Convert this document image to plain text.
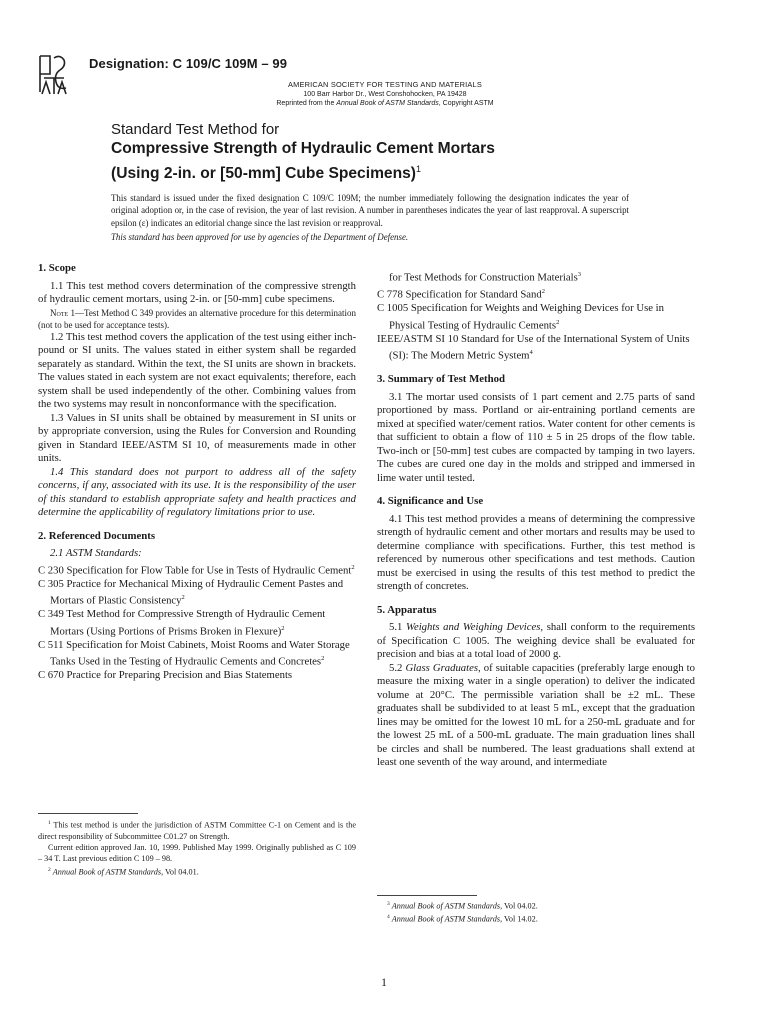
Designation: C 109/C 109M – 99
AMERICAN SOCIETY FOR TESTING AND MATERIALS
100 Barr Harbor Dr., West Conshohocken, PA 19428
Reprinted from the Annual Book of ASTM Standards, Copyright ASTM
Standard Test Method for
Compressive Strength of Hydraulic Cement Mortars
(Using 2-in. or [50-mm] Cube Specimens)$^1$

This standard is issued under the fixed designation C 109/C 109M; the number immediately following the designation indicates the year of original adoption or, in the case of revision, the year of last revision. A number in parentheses indicates the year of last reapproval. A superscript epsilon (ε) indicates an editorial change since the last revision or reapproval.

This standard has been approved for use by agencies of the Department of Defense.

1. Scope

1.1 This test method covers determination of the compressive strength of hydraulic cement mortars, using 2-in. or [50-mm] cube specimens.

Note 1—Test Method C 349 provides an alternative procedure for this determination (not to be used for acceptance tests).

1.2 This test method covers the application of the test using either inch-pound or SI units. The values stated in either system shall be regarded separately as standard. Within the text, the SI units are shown in brackets. The values stated in each system are not exact equivalents; therefore, each system shall be used independently of the other. Combining values from the two systems may result in nonconformance with the specification.

1.3 Values in SI units shall be obtained by measurement in SI units or by appropriate conversion, using the Rules for Conversion and Rounding given in Standard IEEE/ASTM SI 10, of measurements made in other units.

1.4 This standard does not purport to address all of the safety concerns, if any, associated with its use. It is the responsibility of the user of this standard to establish appropriate safety and health practices and determine the applicability of regulatory limitations prior to use.

2. Referenced Documents

2.1 ASTM Standards:

C 230 Specification for Flow Table for Use in Tests of Hydraulic Cement$^2$

C 305 Practice for Mechanical Mixing of Hydraulic Cement Pastes and Mortars of Plastic Consistency$^2$

C 349 Test Method for Compressive Strength of Hydraulic Cement Mortars (Using Portions of Prisms Broken in Flexure)$^2$

C 511 Specification for Moist Cabinets, Moist Rooms and Water Storage Tanks Used in the Testing of Hydraulic Cements and Concretes$^2$

C 670 Practice for Preparing Precision and Bias Statements

for Test Methods for Construction Materials$^3$

C 778 Specification for Standard Sand$^2$

C 1005 Specification for Weights and Weighing Devices for Use in Physical Testing of Hydraulic Cements$^2$

IEEE/ASTM SI 10 Standard for Use of the International System of Units (SI): The Modern Metric System$^4$

3. Summary of Test Method

3.1 The mortar used consists of 1 part cement and 2.75 parts of sand proportioned by mass. Portland or air-entraining portland cements are mixed at specified water/cement ratios. Water content for other cements is that sufficient to obtain a flow of 110 ± 5 in 25 drops of the flow table. Two-inch or [50-mm] test cubes are compacted by tamping in two layers. The cubes are cured one day in the molds and stripped and immersed in lime water until tested.

4. Significance and Use

4.1 This test method provides a means of determining the compressive strength of hydraulic cement and other mortars and results may be used to determine compliance with specifications. Further, this test method is referenced by numerous other specifications and test methods. Caution must be exercised in using the results of this test method to predict the strength of concretes.

5. Apparatus

5.1 Weights and Weighing Devices, shall conform to the requirements of Specification C 1005. The weighing device shall be evaluated for precision and bias at a total load of 2000 g.

5.2 Glass Graduates, of suitable capacities (preferably large enough to measure the mixing water in a single operation) to deliver the indicated volume at 20°C. The permissible variation shall be ±2 mL. These graduates shall be subdivided to at least 5 mL, except that the graduation lines may be omitted for the lowest 10 mL for a 250-mL graduate and for the lowest 25 mL of a 500-mL graduate. The main graduation lines shall be circles and shall be numbered. The least graduations shall extend at least one seventh of the way around, and intermediate

$^1$ This test method is under the jurisdiction of ASTM Committee C-1 on Cement and is the direct responsibility of Subcommittee C01.27 on Strength.

Current edition approved Jan. 10, 1999. Published May 1999. Originally published as C 109 – 34 T. Last previous edition C 109 – 98.

$^2$ Annual Book of ASTM Standards, Vol 04.01.

$^3$ Annual Book of ASTM Standards, Vol 04.02.

$^4$ Annual Book of ASTM Standards, Vol 14.02.

1
